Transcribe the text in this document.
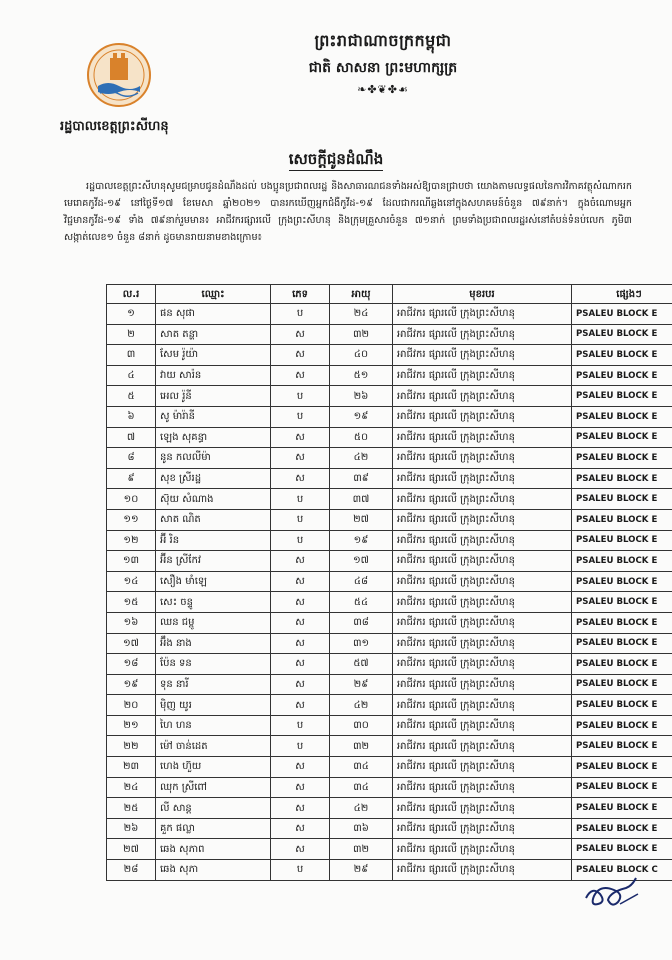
ព្រះរាជាណាចក្រកម្ពុជា
ជាតិ សាសនា ព្រះមហាក្សត្រ
❧✤❦✤☙
រដ្ឋបាលខេត្តព្រះសីហនុ
សេចក្តីជូនដំណឹង
រដ្ឋបាលខេត្តព្រះសីហនុសូមជម្រាបជូនដំណឹងដល់ បងប្អូនប្រជាពលរដ្ឋ និងសាធារណជនទាំងអស់ឱ្យបានជ្រាបថា យោងតាមលទ្ធផលនៃការវិភាគវត្ថុសំណាករកមេរោគកូវីដ-១៩ នៅថ្ងៃទី១៧ ខែមេសា ឆ្នាំ២០២១ បានរកឃើញអ្នកជំងឺកូវីដ-១៩ ដែលជាករណីឆ្លងនៅក្នុងសហគមន៍ចំនួន ៧៩នាក់។ ក្នុងចំណោមអ្នកវិជ្ជមានកូវីដ-១៩ ទាំង ៧៩នាក់រួមមាន៖ អាជីវករផ្សារលើ ក្រុងព្រះសីហនុ និងក្រុមគ្រួសារចំនួន ៧១នាក់ ព្រមទាំងប្រជាពលរដ្ឋរស់នៅតំបន់ទំនប់លេក ភូមិ៣ សង្កាត់លេខ១ ចំនួន ៨នាក់ ដូចមានរាយនាមខាងក្រោម៖
ល.រ	ឈ្មោះ	ភេទ	អាយុ	មុខរបរ	ផ្សេងៗ
១	ផន សុផា	ប	២៤	អាជីវករ ផ្សារលើ ក្រុងព្រះសីហនុ	PSALEU BLOCK E
២	សាត តន្ហា	ស	៣២	អាជីវករ ផ្សារលើ ក្រុងព្រះសីហនុ	PSALEU BLOCK E
៣	សែម រ៉ូយ៉ា	ស	៤០	អាជីវករ ផ្សារលើ ក្រុងព្រះសីហនុ	PSALEU BLOCK E
៤	វាយ សារ៉ន	ស	៥១	អាជីវករ ផ្សារលើ ក្រុងព្រះសីហនុ	PSALEU BLOCK E
៥	អេល រ៉ូនី	ប	២៦	អាជីវករ ផ្សារលើ ក្រុងព្រះសីហនុ	PSALEU BLOCK E
៦	សូ ម៉ារ៉ានី	ប	១៩	អាជីវករ ផ្សារលើ ក្រុងព្រះសីហនុ	PSALEU BLOCK E
៧	ឡេង សុគន្ធា	ស	៥០	អាជីវករ ផ្សារលើ ក្រុងព្រះសីហនុ	PSALEU BLOCK E
៨	នូន កលលីម៉ា	ស	៤២	អាជីវករ ផ្សារលើ ក្រុងព្រះសីហនុ	PSALEU BLOCK E
៩	សុខ ស្រីរដ្ឋ	ស	៣៩	អាជីវករ ផ្សារលើ ក្រុងព្រះសីហនុ	PSALEU BLOCK E
១០	ស៊ុយ សំណាង	ប	៣៧	អាជីវករ ផ្សារលើ ក្រុងព្រះសីហនុ	PSALEU BLOCK E
១១	សាត ណិត	ប	២៧	អាជីវករ ផ្សារលើ ក្រុងព្រះសីហនុ	PSALEU BLOCK E
១២	អ៊ី រិន	ប	១៩	អាជីវករ ផ្សារលើ ក្រុងព្រះសីហនុ	PSALEU BLOCK E
១៣	អ៊ីន ស្រីកែវ	ស	១៧	អាជីវករ ផ្សារលើ ក្រុងព្រះសីហនុ	PSALEU BLOCK E
១៤	សឿង មាំឡេ	ស	៤៨	អាជីវករ ផ្សារលើ ក្រុងព្រះសីហនុ	PSALEU BLOCK E
១៥	សេះ ចន្ទូ	ស	៥៤	អាជីវករ ផ្សារលើ ក្រុងព្រះសីហនុ	PSALEU BLOCK E
១៦	ឈន ជម្ពូ	ស	៣៨	អាជីវករ ផ្សារលើ ក្រុងព្រះសីហនុ	PSALEU BLOCK E
១៧	អ៊ឹង នាង	ស	៣១	អាជីវករ ផ្សារលើ ក្រុងព្រះសីហនុ	PSALEU BLOCK E
១៨	ប៉ែន ទន	ស	៥៧	អាជីវករ ផ្សារលើ ក្រុងព្រះសីហនុ	PSALEU BLOCK E
១៩	ទុន នារី	ស	២៩	អាជីវករ ផ្សារលើ ក្រុងព្រះសីហនុ	PSALEU BLOCK E
២០	ម៉ិញ យូរ	ស	៤២	អាជីវករ ផ្សារលើ ក្រុងព្រះសីហនុ	PSALEU BLOCK E
២១	ហៃ ហន	ប	៣០	អាជីវករ ផ្សារលើ ក្រុងព្រះសីហនុ	PSALEU BLOCK E
២២	ម៉ៅ ចាន់ដេត	ប	៣២	អាជីវករ ផ្សារលើ ក្រុងព្រះសីហនុ	PSALEU BLOCK E
២៣	ហេង ហ៊ួយ	ស	៣៤	អាជីវករ ផ្សារលើ ក្រុងព្រះសីហនុ	PSALEU BLOCK E
២៤	ឈុក ស្រីពៅ	ស	៣៤	អាជីវករ ផ្សារលើ ក្រុងព្រះសីហនុ	PSALEU BLOCK E
២៥	លី សាន្ត	ស	៤២	អាជីវករ ផ្សារលើ ក្រុងព្រះសីហនុ	PSALEU BLOCK E
២៦	គួក ផល្លា	ស	៣៦	អាជីវករ ផ្សារលើ ក្រុងព្រះសីហនុ	PSALEU BLOCK E
២៧	ឆេង សុភាព	ស	៣២	អាជីវករ ផ្សារលើ ក្រុងព្រះសីហនុ	PSALEU BLOCK E
២៨	ឆេង សុភា	ប	២៩	អាជីវករ ផ្សារលើ ក្រុងព្រះសីហនុ	PSALEU BLOCK C
